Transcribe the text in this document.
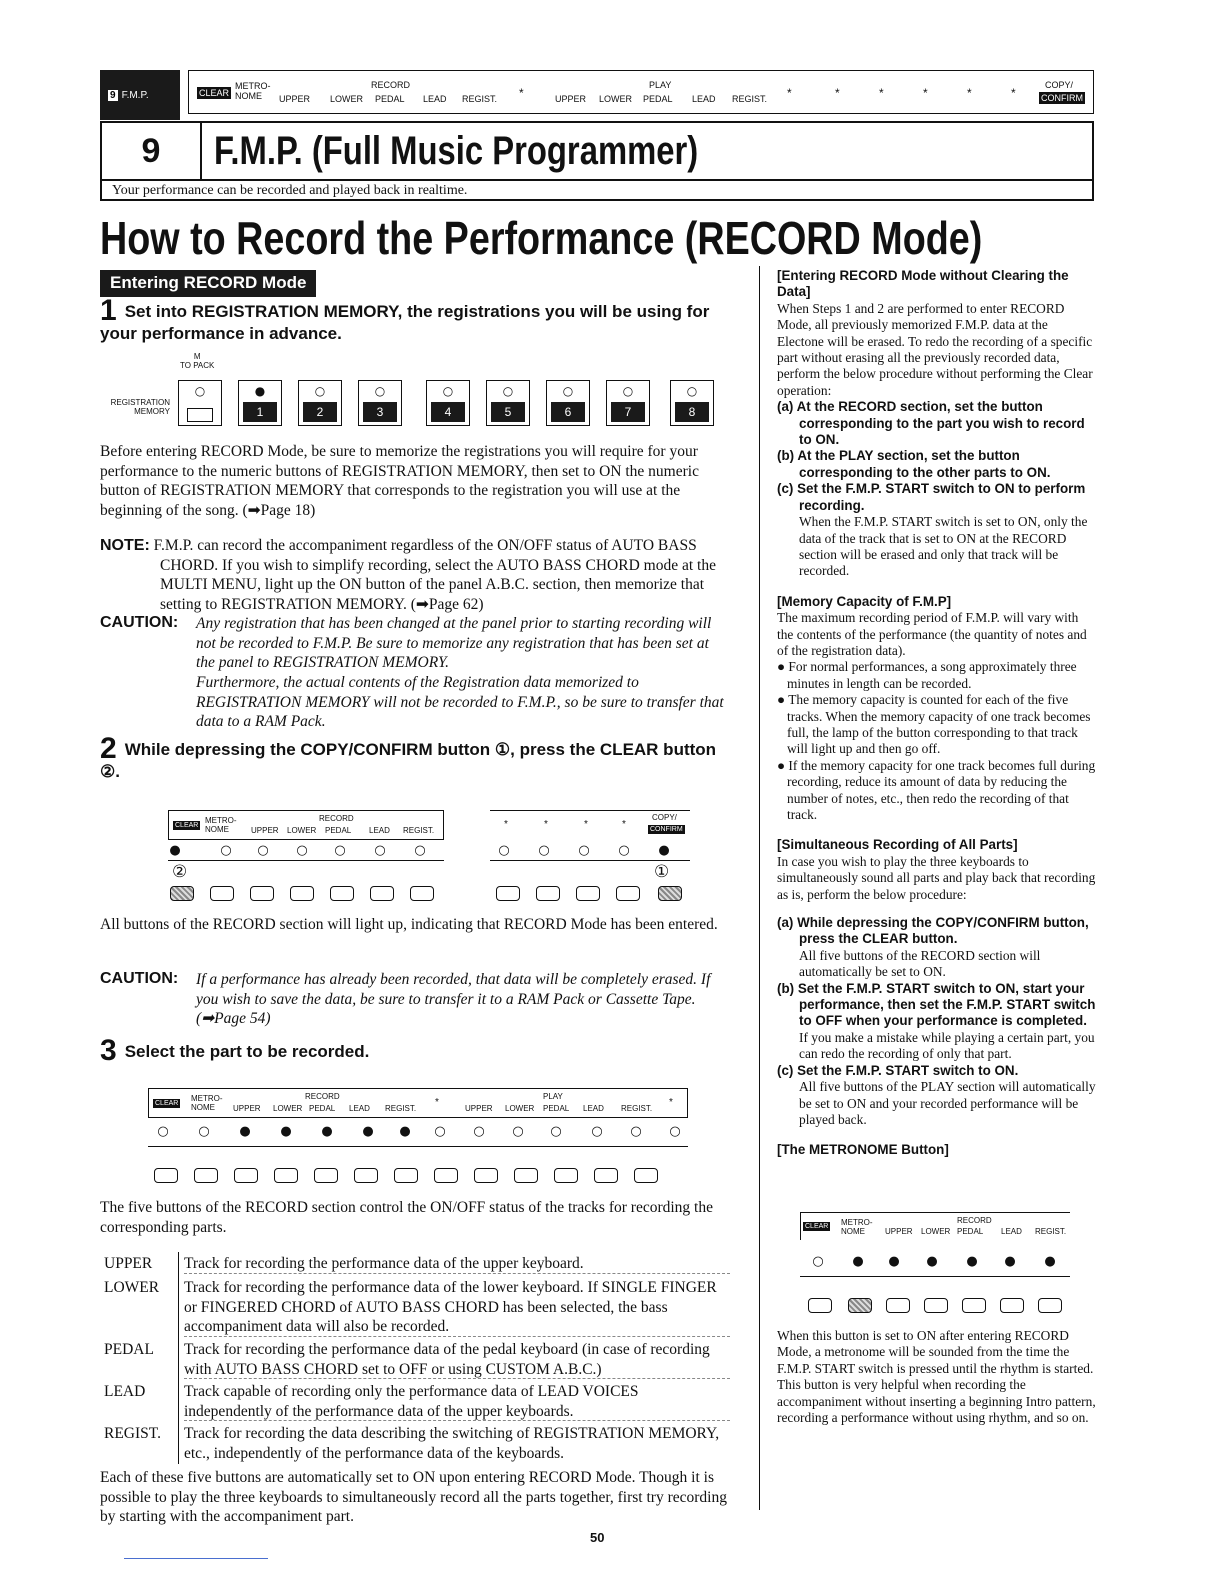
9 F.M.P.	CLEAR
METRO-
NOME
RECORD
UPPER LOWER PEDAL LEAD REGIST. *
PLAY
UPPER LOWER PEDAL LEAD REGIST. *	*	*	*	*	*
COPY/
CONFIRM
9	F.M.P. (Full Music Programmer)
Your performance can be recorded and played back in realtime.
How to Record the Performance (RECORD Mode)
Entering RECORD Mode
1 Set into REGISTRATION MEMORY, the registrations you will be using for your performance in advance.
M
TO PACK
REGISTRATION
MEMORY
○	●
1
○
2
○
3
○
4
○
5
○
6
○
7
○
8
Before entering RECORD Mode, be sure to memorize the registrations you will require for your performance to the numeric buttons of REGISTRATION MEMORY, then set to ON the numeric button of REGISTRATION MEMORY that corresponds to the registration you will use at the beginning of the song. (➡Page 18)
NOTE: F.M.P. can record the accompaniment regardless of the ON/OFF status of AUTO BASS CHORD. If you wish to simplify recording, select the AUTO BASS CHORD mode at the MULTI MENU, light up the ON button of the panel A.B.C. section, then memorize that setting to REGISTRATION MEMORY. (➡Page 62)
CAUTION: Any registration that has been changed at the panel prior to starting recording will not be recorded to F.M.P. Be sure to memorize any registration that has been set at the panel to REGISTRATION MEMORY.
Furthermore, the actual contents of the Registration data memorized to REGISTRATION MEMORY will not be recorded to F.M.P., so be sure to transfer that data to a RAM Pack.
2 While depressing the COPY/CONFIRM button ①, press the CLEAR button ②.
CLEAR
METRO-
NOME
RECORD
UPPER LOWER PEDAL LEAD REGIST.
*	*	*	*
COPY/
CONFIRM
●	○ ○ ○ ○ ○ ○	○ ○ ○ ○ ●
②	①
All buttons of the RECORD section will light up, indicating that RECORD Mode has been entered.
CAUTION: If a performance has already been recorded, that data will be completely erased. If you wish to save the data, be sure to transfer it to a RAM Pack or Cassette Tape. (➡Page 54)
3 Select the part to be recorded.
CLEAR
METRO-
NOME
RECORD
UPPER LOWER PEDAL LEAD REGIST.
*
PLAY
UPPER LOWER PEDAL LEAD REGIST.
*
○ ○ ● ● ● ● ● ○ ○ ○ ○ ○ ○ ○
The five buttons of the RECORD section control the ON/OFF status of the tracks for recording the corresponding parts.
UPPER	Track for recording the performance data of the upper keyboard.
LOWER	Track for recording the performance data of the lower keyboard. If SINGLE FINGER or FINGERED CHORD of AUTO BASS CHORD has been selected, the bass accompaniment data will also be recorded.
PEDAL	Track for recording the performance data of the pedal keyboard (in case of recording with AUTO BASS CHORD set to OFF or using CUSTOM A.B.C.)
LEAD	Track capable of recording only the performance data of LEAD VOICES independently of the performance data of the upper keyboards.
REGIST.	Track for recording the data describing the switching of REGISTRATION MEMORY, etc., independently of the performance data of the keyboards.
Each of these five buttons are automatically set to ON upon entering RECORD Mode. Though it is possible to play the three keyboards to simultaneously record all the parts together, first try recording by starting with the accompaniment part.
50
[Entering RECORD Mode without Clearing the Data]
When Steps 1 and 2 are performed to enter RECORD Mode, all previously memorized F.M.P. data at the Electone will be erased. To redo the recording of a specific part without erasing all the previously recorded data, perform the below procedure without performing the Clear operation:
(a) At the RECORD section, set the button corresponding to the part you wish to record to ON.
(b) At the PLAY section, set the button corresponding to the other parts to ON.
(c) Set the F.M.P. START switch to ON to perform recording.
When the F.M.P. START switch is set to ON, only the data of the track that is set to ON at the RECORD section will be erased and only that track will be recorded.
[Memory Capacity of F.M.P]
The maximum recording period of F.M.P. will vary with the contents of the performance (the quantity of notes and of the registration data).
● For normal performances, a song approximately three minutes in length can be recorded.
● The memory capacity is counted for each of the five tracks. When the memory capacity of one track becomes full, the lamp of the button corresponding to that track will light up and then go off.
● If the memory capacity for one track becomes full during recording, reduce its amount of data by reducing the number of notes, etc., then redo the recording of that track.
[Simultaneous Recording of All Parts]
In case you wish to play the three keyboards to simultaneously sound all parts and play back that recording as is, perform the below procedure:
(a) While depressing the COPY/CONFIRM button, press the CLEAR button.
All five buttons of the RECORD section will automatically be set to ON.
(b) Set the F.M.P. START switch to ON, start your performance, then set the F.M.P. START switch to OFF when your performance is completed.
If you make a mistake while playing a certain part, you can redo the recording of only that part.
(c) Set the F.M.P. START switch to ON.
All five buttons of the PLAY section will automatically be set to ON and your recorded performance will be played back.
[The METRONOME Button]
CLEAR METRO-
NOME
RECORD
UPPER LOWER PEDAL LEAD REGIST.
○ ● ● ● ● ● ●
When this button is set to ON after entering RECORD Mode, a metronome will be sounded from the time the F.M.P. START switch is pressed until the rhythm is started. This button is very helpful when recording the accompaniment without inserting a beginning Intro pattern, recording a performance without using rhythm, and so on.
